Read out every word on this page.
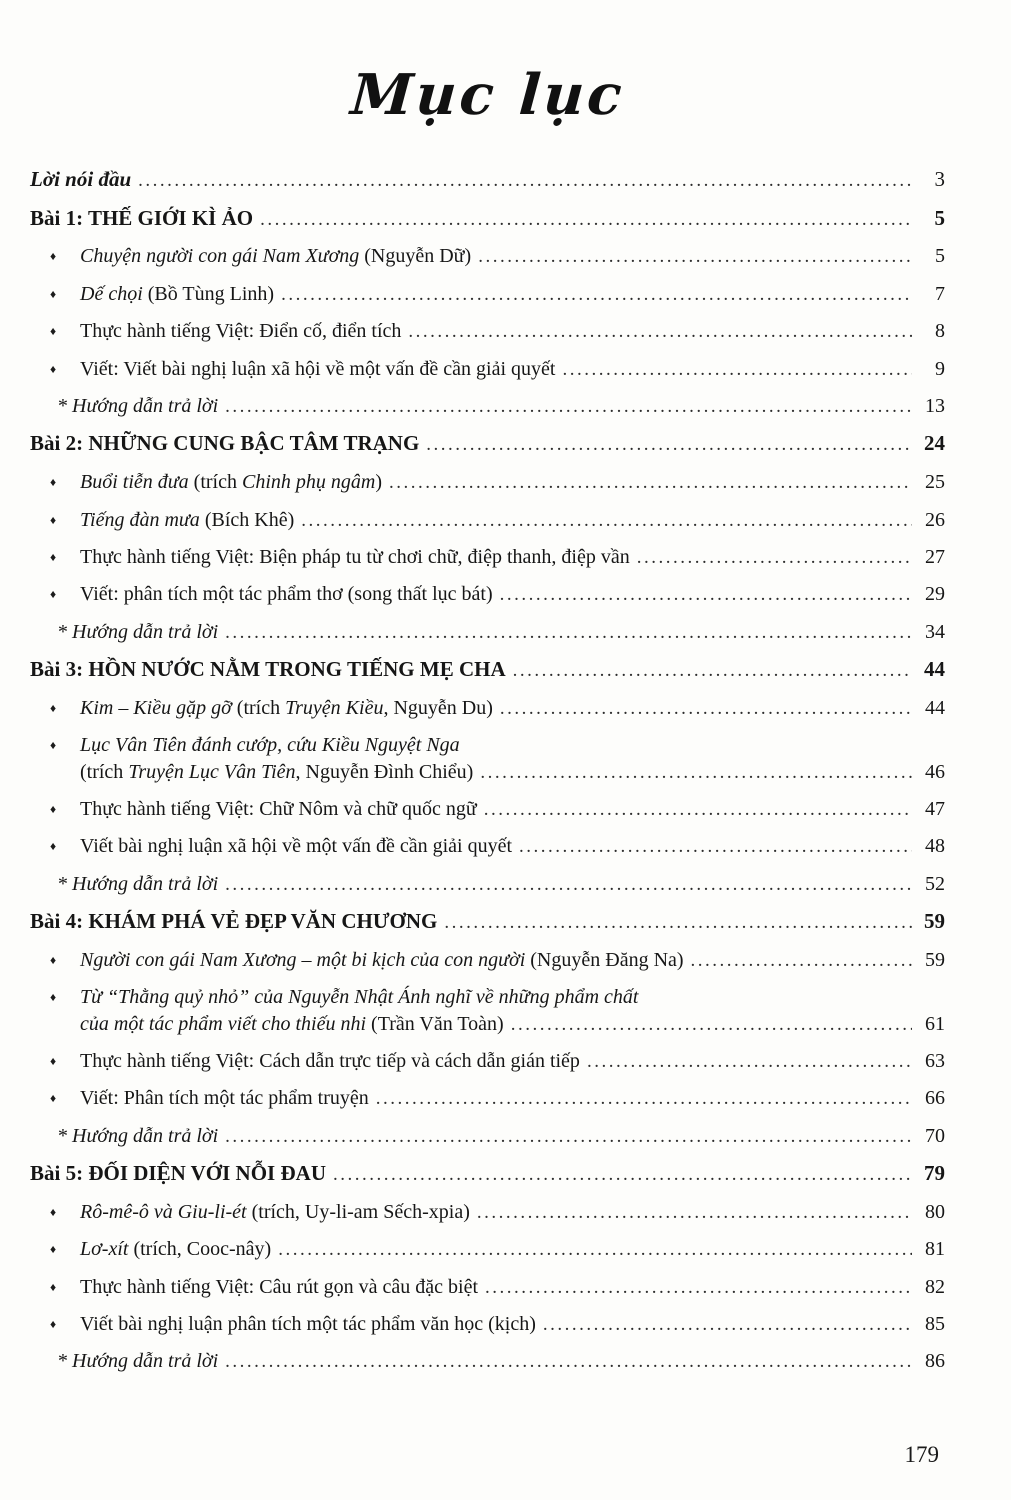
Mục lục
Lời nói đầu .....	3
Bài 1: THẾ GIỚI KÌ ẢO .....	5
♦	Chuyện người con gái Nam Xương (Nguyễn Dữ) .....	5
♦	Dế chọi (Bồ Tùng Linh) .....	7
♦	Thực hành tiếng Việt: Điển cố, điển tích .....	8
♦	Viết: Viết bài nghị luận xã hội về một vấn đề cần giải quyết .....	9
* Hướng dẫn trả lời .....	13
Bài 2: NHỮNG CUNG BẬC TÂM TRẠNG .....	24
♦	Buổi tiễn đưa (trích Chinh phụ ngâm) .....	25
♦	Tiếng đàn mưa (Bích Khê) .....	26
♦	Thực hành tiếng Việt: Biện pháp tu từ chơi chữ, điệp thanh, điệp vần .....	27
♦	Viết: phân tích một tác phẩm thơ (song thất lục bát) .....	29
* Hướng dẫn trả lời .....	34
Bài 3: HỒN NƯỚC NẰM TRONG TIẾNG MẸ CHA .....	44
♦	Kim – Kiều gặp gỡ (trích Truyện Kiều, Nguyễn Du) .....	44
♦	Lục Vân Tiên đánh cướp, cứu Kiều Nguyệt Nga
(trích Truyện Lục Vân Tiên, Nguyễn Đình Chiểu) .....	46
♦	Thực hành tiếng Việt: Chữ Nôm và chữ quốc ngữ .....	47
♦	Viết bài nghị luận xã hội về một vấn đề cần giải quyết .....	48
* Hướng dẫn trả lời .....	52
Bài 4: KHÁM PHÁ VẺ ĐẸP VĂN CHƯƠNG .....	59
♦	Người con gái Nam Xương – một bi kịch của con người (Nguyễn Đăng Na) .....	59
♦	Từ “Thằng quỷ nhỏ” của Nguyễn Nhật Ánh nghĩ về những phẩm chất
của một tác phẩm viết cho thiếu nhi (Trần Văn Toàn) .....	61
♦	Thực hành tiếng Việt: Cách dẫn trực tiếp và cách dẫn gián tiếp .....	63
♦	Viết: Phân tích một tác phẩm truyện .....	66
* Hướng dẫn trả lời .....	70
Bài 5: ĐỐI DIỆN VỚI NỖI ĐAU .....	79
♦	Rô-mê-ô và Giu-li-ét (trích, Uy-li-am Sếch-xpia) .....	80
♦	Lơ-xít (trích, Cooc-nây) .....	81
♦	Thực hành tiếng Việt: Câu rút gọn và câu đặc biệt .....	82
♦	Viết bài nghị luận phân tích một tác phẩm văn học (kịch) .....	85
* Hướng dẫn trả lời .....	86
179
